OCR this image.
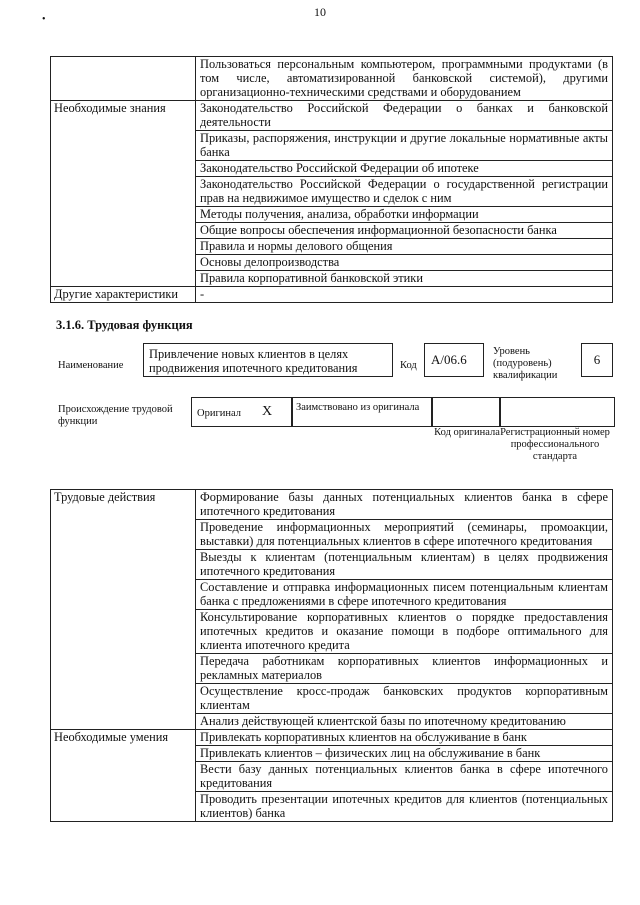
10
•
	Пользоваться персональным компьютером, программными продуктами (в том числе, автоматизированной банковской системой), другими организационно-техническими средствами и оборудованием
Необходимые знания	Законодательство Российской Федерации о банках и банковской деятельности
	Приказы, распоряжения, инструкции и другие локальные нормативные акты банка
	Законодательство Российской Федерации об ипотеке
	Законодательство Российской Федерации о государственной регистрации прав на недвижимое имущество и сделок с ним
	Методы получения, анализа, обработки информации
	Общие вопросы обеспечения информационной безопасности банка
	Правила и нормы делового общения
	Основы делопроизводства
	Правила корпоративной банковской этики
Другие характеристики	-
3.1.6. Трудовая функция
Наименование
Привлечение новых клиентов в целях продвижения ипотечного кредитования	Код	А/06.6
Уровень (подуровень) квалификации
6
Происхождение трудовой функции
Оригинал X Заимствовано из оригинала
Код оригинала Регистрационный номер профессионального стандарта
Трудовые действия	Формирование базы данных потенциальных клиентов банка в сфере ипотечного кредитования
	Проведение информационных мероприятий (семинары, промоакции, выставки) для потенциальных клиентов в сфере ипотечного кредитования
	Выезды к клиентам (потенциальным клиентам) в целях продвижения ипотечного кредитования
	Составление и отправка информационных писем потенциальным клиентам банка с предложениями в сфере ипотечного кредитования
	Консультирование корпоративных клиентов о порядке предоставления ипотечных кредитов и оказание помощи в подборе оптимального для клиента ипотечного кредита
	Передача работникам корпоративных клиентов информационных и рекламных материалов
	Осуществление кросс-продаж банковских продуктов корпоративным клиентам
	Анализ действующей клиентской базы по ипотечному кредитованию
Необходимые умения	Привлекать корпоративных клиентов на обслуживание в банк
	Привлекать клиентов – физических лиц на обслуживание в банк
	Вести базу данных потенциальных клиентов банка в сфере ипотечного кредитования
	Проводить презентации ипотечных кредитов для клиентов (потенциальных клиентов) банка
